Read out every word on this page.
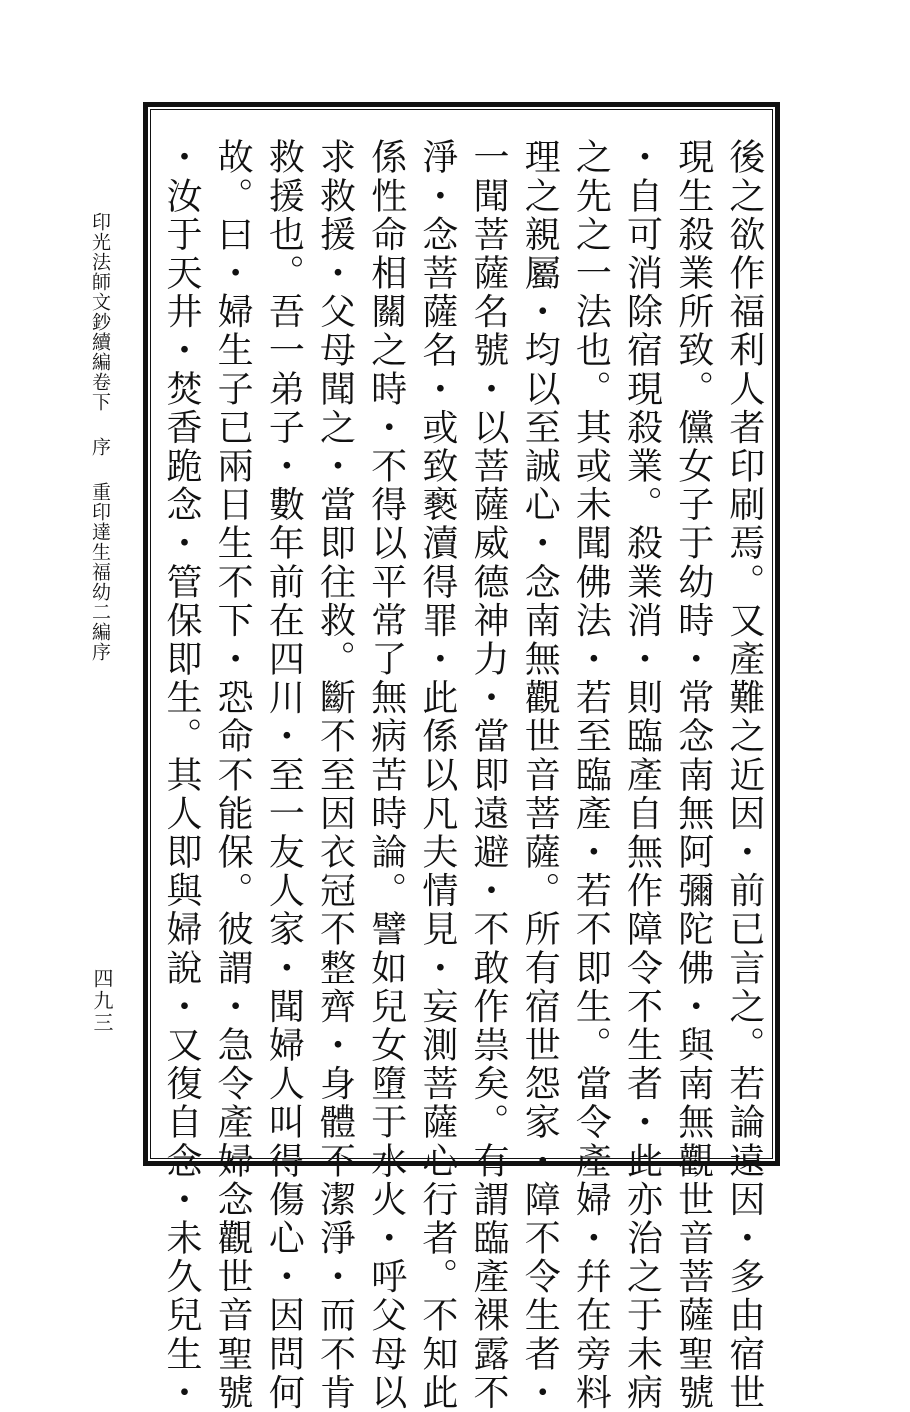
印光法師文鈔續編卷下 序 重印達生福幼二編序
四九三	後之欲作福利人者印刷焉。又產難之近因・前已言之。若論遠因・多由宿世
現生殺業所致。儻女子于幼時・常念南無阿彌陀佛・與南無觀世音菩薩聖號
・自可消除宿現殺業。殺業消・則臨產自無作障令不生者・此亦治之于未病
之先之一法也。其或未聞佛法・若至臨產・若不即生。當令產婦・幷在旁料
理之親屬・均以至誠心・念南無觀世音菩薩。所有宿世怨家・障不令生者・
一聞菩薩名號・以菩薩威德神力・當即遠避・不敢作祟矣。有謂臨產裸露不
淨・念菩薩名・或致褻瀆得罪・此係以凡夫情見・妄測菩薩心行者。不知此
係性命相關之時・不得以平常了無病苦時論。譬如兒女墮于水火・呼父母以
求救援・父母聞之・當即往救。斷不至因衣冠不整齊・身體不潔淨・而不肯
救援也。吾一弟子・數年前在四川・至一友人家・聞婦人叫得傷心・因問何
故。曰・婦生子已兩日生不下・恐命不能保。彼謂・急令產婦念觀世音聖號
・汝于天井・焚香跪念・管保即生。其人即與婦說・又復自念・未久兒生・
